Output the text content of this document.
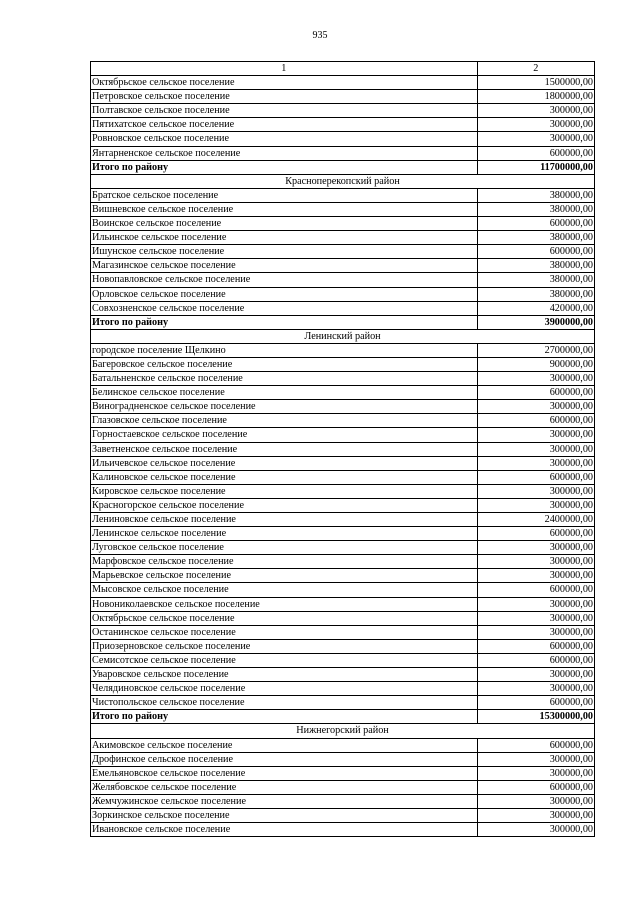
935
1	2
Октябрьское сельское поселение	1500000,00
Петровское сельское поселение	1800000,00
Полтавское сельское поселение	300000,00
Пятихатское сельское поселение	300000,00
Ровновское сельское поселение	300000,00
Янтарненское сельское поселение	600000,00
Итого по району	11700000,00
Красноперекопский район	
Братское сельское поселение	380000,00
Вишневское сельское поселение	380000,00
Воинское сельское поселение	600000,00
Ильинское сельское поселение	380000,00
Ишунское сельское поселение	600000,00
Магазинское сельское поселение	380000,00
Новопавловское сельское поселение	380000,00
Орловское сельское поселение	380000,00
Совхозненское сельское поселение	420000,00
Итого по району	3900000,00
Ленинский район	
городское поселение Щелкино	2700000,00
Багеровское сельское поселение	900000,00
Батальненское сельское поселение	300000,00
Белинское сельское поселение	600000,00
Виноградненское сельское поселение	300000,00
Глазовское сельское поселение	600000,00
Горностаевское сельское поселение	300000,00
Заветненское сельское поселение	300000,00
Ильичевское сельское поселение	300000,00
Калиновское сельское поселение	600000,00
Кировское сельское поселение	300000,00
Красногорское сельское поселение	300000,00
Лениновское сельское поселение	2400000,00
Ленинское сельское поселение	600000,00
Луговское сельское поселение	300000,00
Марфовское сельское поселение	300000,00
Марьевское сельское поселение	300000,00
Мысовское сельское поселение	600000,00
Новониколаевское сельское поселение	300000,00
Октябрьское сельское поселение	300000,00
Останинское сельское поселение	300000,00
Приозерновское сельское поселение	600000,00
Семисотское сельское поселение	600000,00
Уваровское сельское поселение	300000,00
Челядиновское сельское поселение	300000,00
Чистопольское сельское поселение	600000,00
Итого по району	15300000,00
Нижнегорский район	
Акимовское сельское поселение	600000,00
Дрофинское сельское поселение	300000,00
Емельяновское сельское поселение	300000,00
Желябовское сельское поселение	600000,00
Жемчужинское сельское поселение	300000,00
Зоркинское сельское поселение	300000,00
Ивановское сельское поселение	300000,00
